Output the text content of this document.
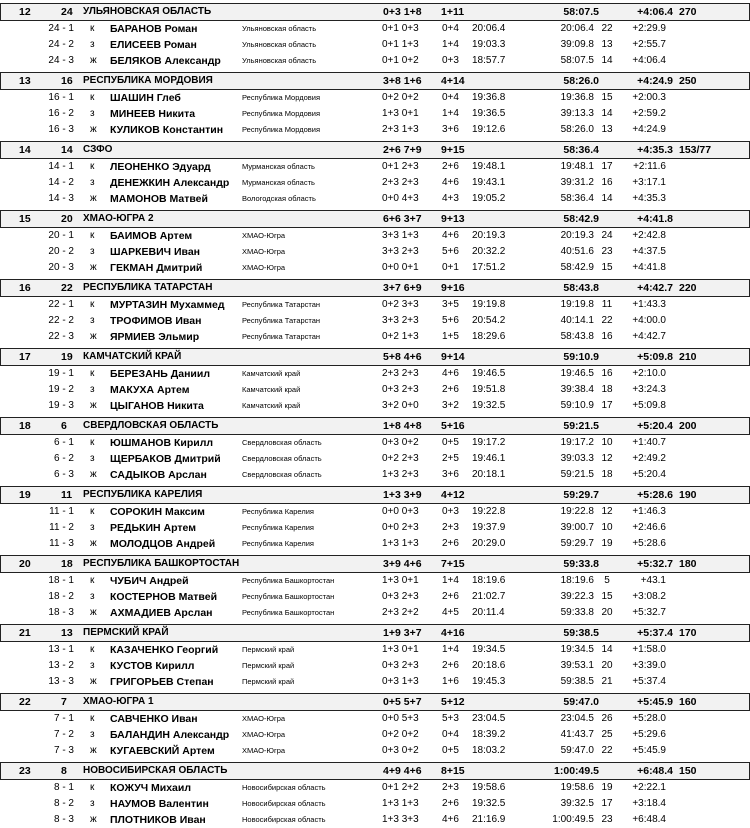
12	24	УЛЬЯНОВСКАЯ ОБЛАСТЬ	0+3 1+8	1+11	58:07.5	+4:06.4 270
24 - 1 к	БАРАНОВ Роман	Ульяновская область	0+1 0+3	0+4	20:06.4	20:06.4 22	+2:29.9
24 - 2 з	ЕЛИСЕЕВ Роман	Ульяновская область	0+1 1+3	1+4	19:03.3	39:09.8 13	+2:55.7
24 - 3 ж	БЕЛЯКОВ Александр	Ульяновская область	0+1 0+2	0+3	18:57.7	58:07.5 14	+4:06.4
13	16	РЕСПУБЛИКА МОРДОВИЯ	3+8 1+6	4+14	58:26.0	+4:24.9 250
16 - 1 к	ШАШИН Глеб	Республика Мордовия	0+2 0+2	0+4	19:36.8	19:36.8 15	+2:00.3
16 - 2 з	МИНЕЕВ Никита	Республика Мордовия	1+3 0+1	1+4	19:36.5	39:13.3 14	+2:59.2
16 - 3 ж	КУЛИКОВ Константин	Республика Мордовия	2+3 1+3	3+6	19:12.6	58:26.0 13	+4:24.9
14	14	СЗФО	2+6 7+9	9+15	58:36.4	+4:35.3 153/77
14 - 1 к	ЛЕОНЕНКО Эдуард	Мурманская область	0+1 2+3	2+6	19:48.1	19:48.1 17	+2:11.6
14 - 2 з	ДЕНЕЖКИН Александр	Мурманская область	2+3 2+3	4+6	19:43.1	39:31.2 16	+3:17.1
14 - 3 ж	МАМОНОВ Матвей	Вологодская область	0+0 4+3	4+3	19:05.2	58:36.4 14	+4:35.3
15	20	ХМАО-ЮГРА 2	6+6 3+7	9+13	58:42.9	+4:41.8
20 - 1 к	БАИМОВ Артем	ХМАО-Югра	3+3 1+3	4+6	20:19.3	20:19.3 24	+2:42.8
20 - 2 з	ШАРКЕВИЧ Иван	ХМАО-Югра	3+3 2+3	5+6	20:32.2	40:51.6 23	+4:37.5
20 - 3 ж	ГЕКМАН Дмитрий	ХМАО-Югра	0+0 0+1	0+1	17:51.2	58:42.9 15	+4:41.8
16	22	РЕСПУБЛИКА ТАТАРСТАН	3+7 6+9	9+16	58:43.8	+4:42.7 220
22 - 1 к	МУРТАЗИН Мухаммед	Республика Татарстан	0+2 3+3	3+5	19:19.8	19:19.8 11	+1:43.3
22 - 2 з	ТРОФИМОВ Иван	Республика Татарстан	3+3 2+3	5+6	20:54.2	40:14.1 22	+4:00.0
22 - 3 ж	ЯРМИЕВ Эльмир	Республика Татарстан	0+2 1+3	1+5	18:29.6	58:43.8 16	+4:42.7
17	19	КАМЧАТСКИЙ КРАЙ	5+8 4+6	9+14	59:10.9	+5:09.8 210
19 - 1 к	БЕРЕЗАНЬ Даниил	Камчатский край	2+3 2+3	4+6	19:46.5	19:46.5 16	+2:10.0
19 - 2 з	МАКУХА Артем	Камчатский край	0+3 2+3	2+6	19:51.8	39:38.4 18	+3:24.3
19 - 3 ж	ЦЫГАНОВ Никита	Камчатский край	3+2 0+0	3+2	19:32.5	59:10.9 17	+5:09.8
18	6	СВЕРДЛОВСКАЯ ОБЛАСТЬ	1+8 4+8	5+16	59:21.5	+5:20.4 200
6 - 1 к	ЮШМАНОВ Кирилл	Свердловская область	0+3 0+2	0+5	19:17.2	19:17.2 10	+1:40.7
6 - 2 з	ЩЕРБАКОВ Дмитрий	Свердловская область	0+2 2+3	2+5	19:46.1	39:03.3 12	+2:49.2
6 - 3 ж	САДЫКОВ Арслан	Свердловская область	1+3 2+3	3+6	20:18.1	59:21.5 18	+5:20.4
19	11	РЕСПУБЛИКА КАРЕЛИЯ	1+3 3+9	4+12	59:29.7	+5:28.6 190
11 - 1 к	СОРОКИН Максим	Республика Карелия	0+0 0+3	0+3	19:22.8	19:22.8 12	+1:46.3
11 - 2 з	РЕДЬКИН Артем	Республика Карелия	0+0 2+3	2+3	19:37.9	39:00.7 10	+2:46.6
11 - 3 ж	МОЛОДЦОВ Андрей	Республика Карелия	1+3 1+3	2+6	20:29.0	59:29.7 19	+5:28.6
20	18	РЕСПУБЛИКА БАШКОРТОСТАН	3+9 4+6	7+15	59:33.8	+5:32.7 180
18 - 1 к	ЧУБИЧ Андрей	Республика Башкортостан	1+3 0+1	1+4	18:19.6	18:19.6	5	+43.1
18 - 2 з	КОСТЕРНОВ Матвей	Республика Башкортостан	0+3 2+3	2+6	21:02.7	39:22.3 15	+3:08.2
18 - 3 ж	АХМАДИЕВ Арслан	Республика Башкортостан	2+3 2+2	4+5	20:11.4	59:33.8 20	+5:32.7
21	13	ПЕРМСКИЙ КРАЙ	1+9 3+7	4+16	59:38.5	+5:37.4 170
13 - 1 к	КАЗАЧЕНКО Георгий	Пермский край	1+3 0+1	1+4	19:34.5	19:34.5 14	+1:58.0
13 - 2 з	КУСТОВ Кирилл	Пермский край	0+3 2+3	2+6	20:18.6	39:53.1 20	+3:39.0
13 - 3 ж	ГРИГОРЬЕВ Степан	Пермский край	0+3 1+3	1+6	19:45.3	59:38.5 21	+5:37.4
22	7	ХМАО-ЮГРА 1	0+5 5+7	5+12	59:47.0	+5:45.9 160
7 - 1 к	САВЧЕНКО Иван	ХМАО-Югра	0+0 5+3	5+3	23:04.5	23:04.5 26	+5:28.0
7 - 2 з	БАЛАНДИН Александр	ХМАО-Югра	0+2 0+2	0+4	18:39.2	41:43.7 25	+5:29.6
7 - 3 ж	КУГАЕВСКИЙ Артем	ХМАО-Югра	0+3 0+2	0+5	18:03.2	59:47.0 22	+5:45.9
23	8	НОВОСИБИРСКАЯ ОБЛАСТЬ	4+9 4+6	8+15	1:00:49.5	+6:48.4 150
8 - 1 к	КОЖУЧ Михаил	Новосибирская область	0+1 2+2	2+3	19:58.6	19:58.6 19	+2:22.1
8 - 2 з	НАУМОВ Валентин	Новосибирская область	1+3 1+3	2+6	19:32.5	39:32.5 17	+3:18.4
8 - 3 ж	ПЛОТНИКОВ Иван	Новосибирская область	1+3 3+3	4+6	21:16.9	1:00:49.5 23	+6:48.4
